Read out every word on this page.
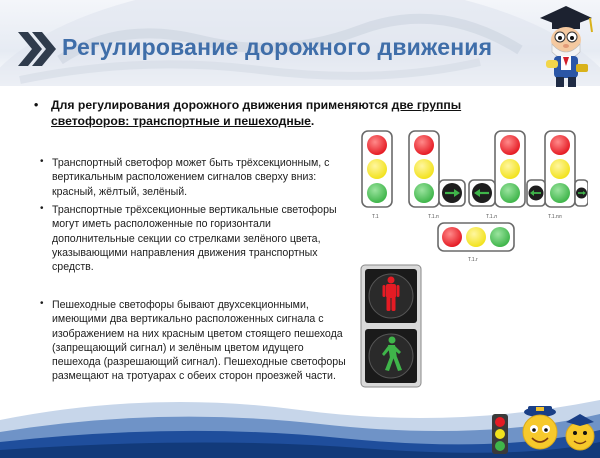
Регулирование дорожного движения
• Для регулирования дорожного движения применяются две группы светофоров: транспортные и пешеходные.
• Транспортный светофор может быть трёхсекционным, с вертикальным расположением сигналов сверху вниз: красный, жёлтый, зелёный.
• Транспортные трёхсекционные вертикальные светофоры могут иметь расположенные по горизонтали дополнительные секции со стрелками зелёного цвета, указывающими направления движения транспортных средств.
• Пешеходные светофоры бывают двухсекционными, имеющими два вертикально расположенных сигнала с изображением на них красным цветом стоящего пешехода (запрещающий сигнал) и зелёным цветом идущего пешехода (разрешающий сигнал). Пешеходные светофоры размещают на тротуарах с обеих сторон проезжей части.
T.1	T.1.п	T.1.л	T.1.пл
T.1.г
